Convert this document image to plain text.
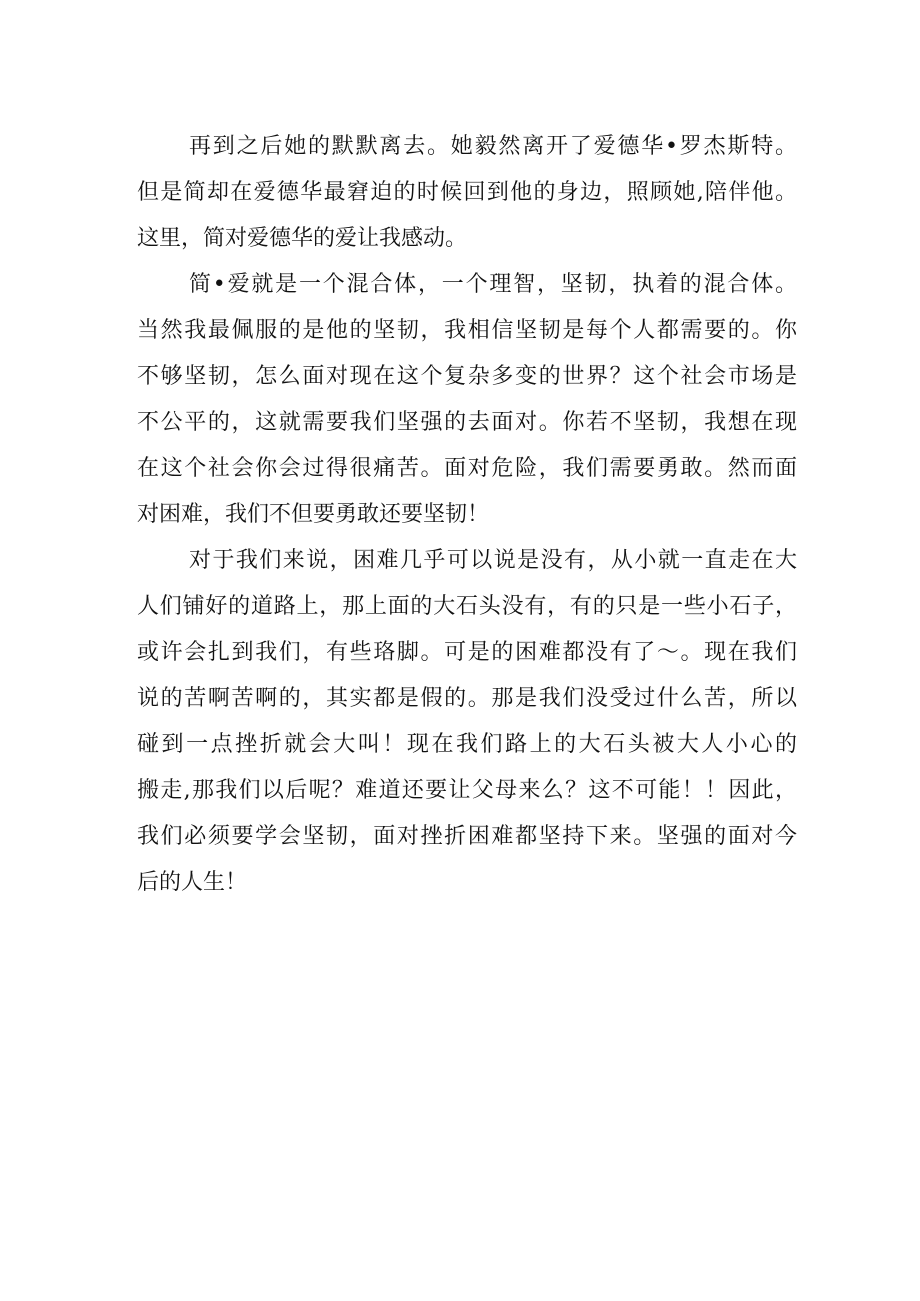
再到之后她的默默离去。她毅然离开了爱德华•罗杰斯特。
但是简却在爱德华最窘迫的时候回到他的身边，照顾她,陪伴他。
这里，简对爱德华的爱让我感动。
简•爱就是一个混合体，一个理智，坚韧，执着的混合体。
当然我最佩服的是他的坚韧，我相信坚韧是每个人都需要的。你
不够坚韧，怎么面对现在这个复杂多变的世界？这个社会市场是
不公平的，这就需要我们坚强的去面对。你若不坚韧，我想在现
在这个社会你会过得很痛苦。面对危险，我们需要勇敢。然而面
对困难，我们不但要勇敢还要坚韧！
对于我们来说，困难几乎可以说是没有，从小就一直走在大
人们铺好的道路上，那上面的大石头没有，有的只是一些小石子，
或许会扎到我们，有些珞脚。可是的困难都没有了～。现在我们
说的苦啊苦啊的，其实都是假的。那是我们没受过什么苦，所以
碰到一点挫折就会大叫！现在我们路上的大石头被大人小心的
搬走,那我们以后呢？难道还要让父母来么？这不可能！！因此，
我们必须要学会坚韧，面对挫折困难都坚持下来。坚强的面对今
后的人生！
